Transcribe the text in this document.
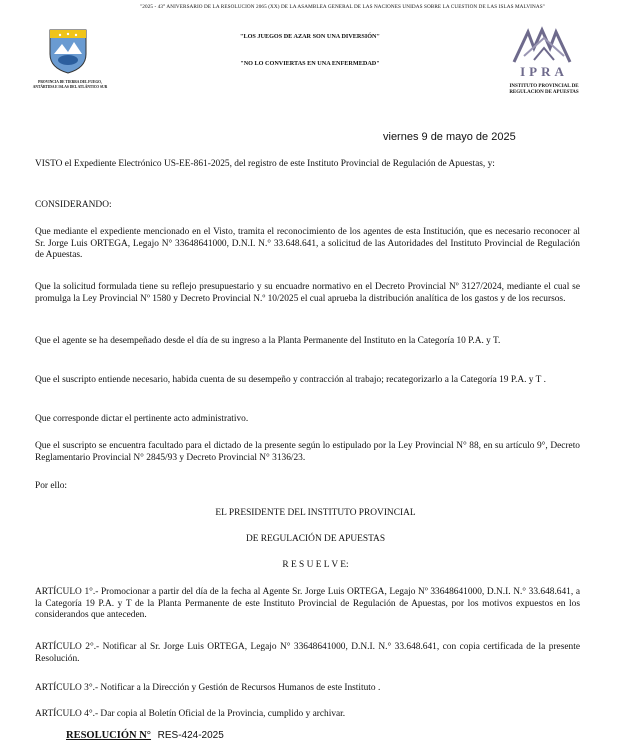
"2025 - 43° ANIVERSARIO DE LA RESOLUCIÓN 2065 (XX) DE LA ASAMBLEA GENERAL DE LAS NACIONES UNIDAS SOBRE LA CUESTIÓN DE LAS ISLAS MALVINAS"
PROVINCIA DE TIERRA DEL FUEGO, ANTÁRTIDA E ISLAS DEL ATLÁNTICO SUR
"LOS JUEGOS DE AZAR SON UNA DIVERSIÓN"
"NO LO CONVIERTAS EN UNA ENFERMEDAD"
IPRA
INSTITUTO PROVINCIAL DE
REGULACION DE APUESTAS
viernes 9 de mayo de 2025
VISTO el Expediente Electrónico US-EE-861-2025, del registro de este Instituto Provincial de Regulación de Apuestas, y:
CONSIDERANDO:
Que mediante el expediente mencionado en el Visto, tramita el reconocimiento de los agentes de esta Institución, que es necesario reconocer al Sr. Jorge Luis ORTEGA, Legajo N° 33648641000, D.N.I. N.° 33.648.641, a solicitud de las Autoridades del Instituto Provincial de Regulación de Apuestas.
Que la solicitud formulada tiene su reflejo presupuestario y su encuadre normativo en el Decreto Provincial Nº 3127/2024, mediante el cual se promulga la Ley Provincial Nº 1580 y Decreto Provincial N.º 10/2025 el cual aprueba la distribución analítica de los gastos y de los recursos.
Que el agente se ha desempeñado desde el día de su ingreso a la Planta Permanente del Instituto en la Categoría 10 P.A. y T.
Que el suscripto entiende necesario, habida cuenta de su desempeño y contracción al trabajo; recategorizarlo a la Categoría 19 P.A. y T .
Que corresponde dictar el pertinente acto administrativo.
Que el suscripto se encuentra facultado para el dictado de la presente según lo estipulado por la Ley Provincial N° 88, en su artículo 9°, Decreto Reglamentario Provincial N° 2845/93 y Decreto Provincial N° 3136/23.
Por ello:
EL PRESIDENTE DEL INSTITUTO PROVINCIAL
DE REGULACIÓN DE APUESTAS
R E S U E L V E:
ARTÍCULO 1°.- Promocionar a partir del día de la fecha al Agente Sr. Jorge Luis ORTEGA, Legajo Nº 33648641000, D.N.I. N.° 33.648.641, a la Categoría 19 P.A. y T de la Planta Permanente de este Instituto Provincial de Regulación de Apuestas, por los motivos expuestos en los considerandos que anteceden.
ARTÍCULO 2°.- Notificar al Sr. Jorge Luis ORTEGA, Legajo N° 33648641000, D.N.I. N.° 33.648.641, con copia certificada de la presente Resolución.
ARTÍCULO 3°.- Notificar a la Dirección y Gestión de Recursos Humanos de este Instituto .
ARTÍCULO 4°.- Dar copia al Boletín Oficial de la Provincia, cumplido y archivar.
RESOLUCIÓN N° RES-424-2025
